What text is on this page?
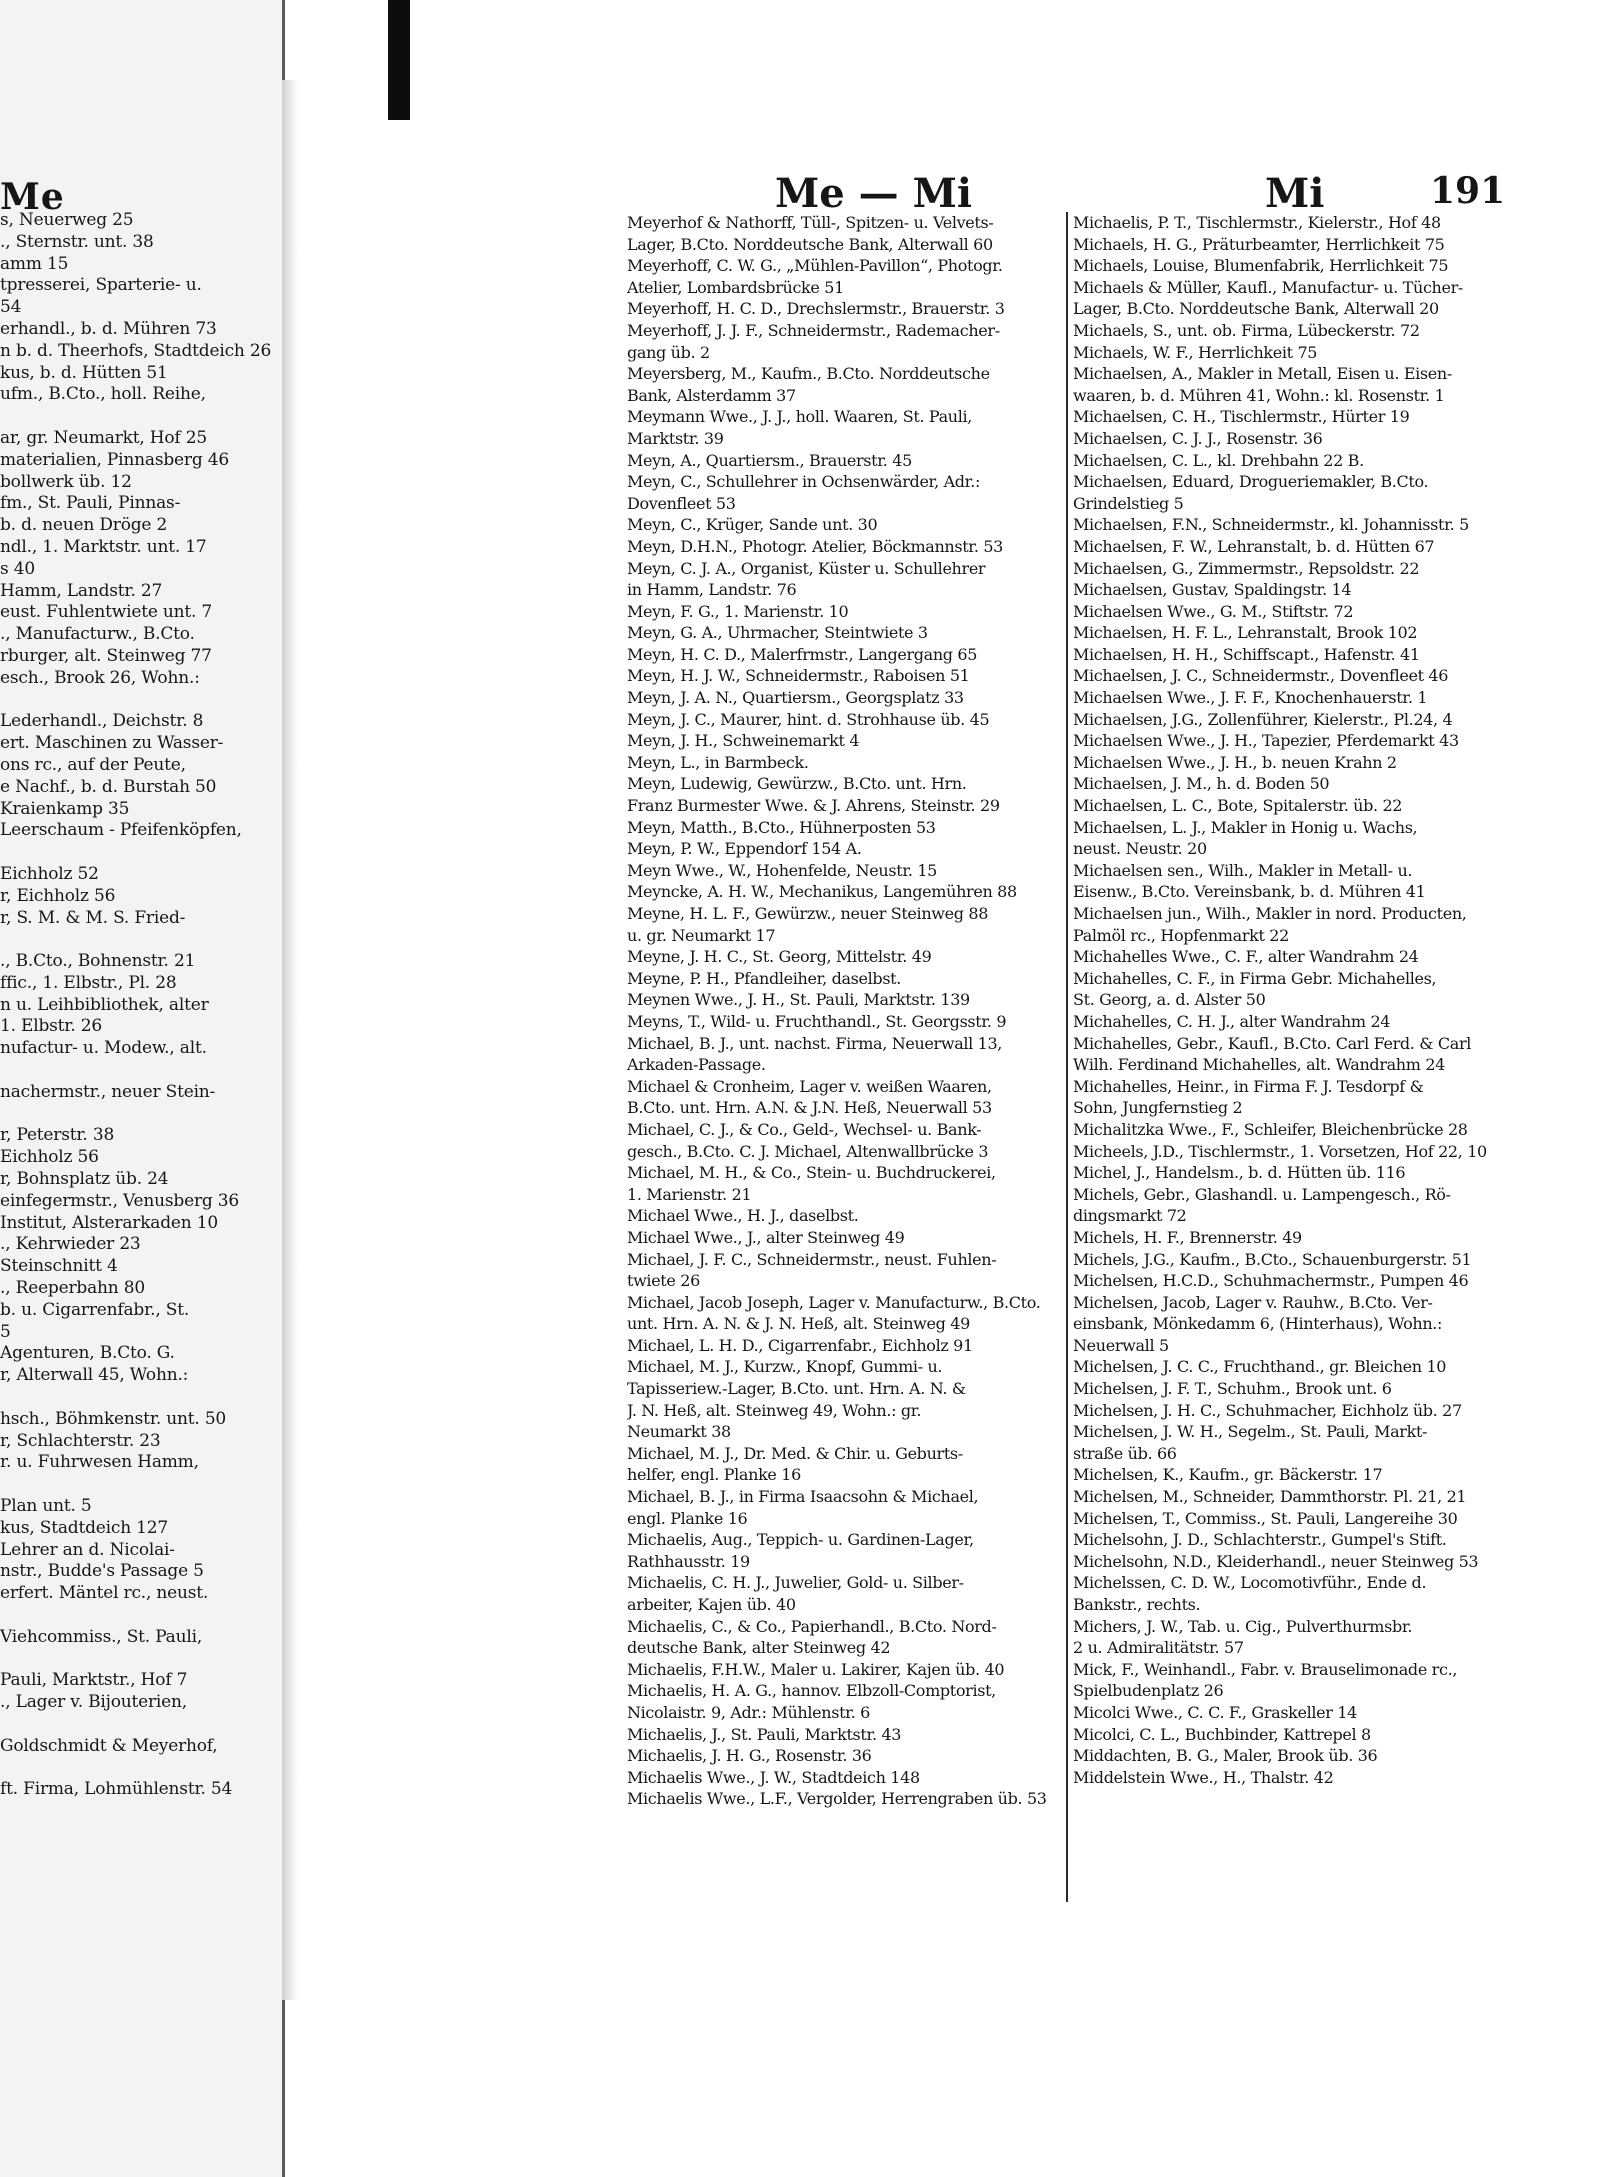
Me
s, Neuerweg 25
., Sternstr. unt. 38
amm 15
tpresserei, Sparterie- u.
54
erhandl., b. d. Mühren 73
n b. d. Theerhofs, Stadtdeich 26
kus, b. d. Hütten 51
ufm., B.Cto., holl. Reihe,
ar, gr. Neumarkt, Hof 25
materialien, Pinnasberg 46
bollwerk üb. 12
fm., St. Pauli, Pinnas-
b. d. neuen Dröge 2
ndl., 1. Marktstr. unt. 17
s 40
Hamm, Landstr. 27
eust. Fuhlentwiete unt. 7
., Manufacturw., B.Cto.
rburger, alt. Steinweg 77
esch., Brook 26, Wohn.:
Lederhandl., Deichstr. 8
ert. Maschinen zu Wasser-
ons rc., auf der Peute,
e Nachf., b. d. Burstah 50
Kraienkamp 35
Leerschaum - Pfeifenköpfen,
Eichholz 52
r, Eichholz 56
r, S. M. & M. S. Fried-
., B.Cto., Bohnenstr. 21
ffic., 1. Elbstr., Pl. 28
n u. Leihbibliothek, alter
1. Elbstr. 26
nufactur- u. Modew., alt.
nachermstr., neuer Stein-
r, Peterstr. 38
Eichholz 56
r, Bohnsplatz üb. 24
einfegermstr., Venusberg 36
Institut, Alsterarkaden 10
., Kehrwieder 23
Steinschnitt 4
., Reeperbahn 80
b. u. Cigarrenfabr., St.
5
Agenturen, B.Cto. G.
r, Alterwall 45, Wohn.:
hsch., Böhmkenstr. unt. 50
r, Schlachterstr. 23
r. u. Fuhrwesen Hamm,
Plan unt. 5
kus, Stadtdeich 127
Lehrer an d. Nicolai-
nstr., Budde's Passage 5
erfert. Mäntel rc., neust.
Viehcommiss., St. Pauli,
Pauli, Marktstr., Hof 7
., Lager v. Bijouterien,
Goldschmidt & Meyerhof,
ft. Firma, Lohmühlenstr. 54
Me — Mi	Mi	191
Meyerhof & Nathorff, Tüll-, Spitzen- u. Velvets-
Lager, B.Cto. Norddeutsche Bank, Alterwall 60
Meyerhoff, C. W. G., „Mühlen-Pavillon“, Photogr.
Atelier, Lombardsbrücke 51
Meyerhoff, H. C. D., Drechslermstr., Brauerstr. 3
Meyerhoff, J. J. F., Schneidermstr., Rademacher-
gang üb. 2
Meyersberg, M., Kaufm., B.Cto. Norddeutsche
Bank, Alsterdamm 37
Meymann Wwe., J. J., holl. Waaren, St. Pauli,
Marktstr. 39
Meyn, A., Quartiersm., Brauerstr. 45
Meyn, C., Schullehrer in Ochsenwärder, Adr.:
Dovenfleet 53
Meyn, C., Krüger, Sande unt. 30
Meyn, D.H.N., Photogr. Atelier, Böckmannstr. 53
Meyn, C. J. A., Organist, Küster u. Schullehrer
in Hamm, Landstr. 76
Meyn, F. G., 1. Marienstr. 10
Meyn, G. A., Uhrmacher, Steintwiete 3
Meyn, H. C. D., Malerfrmstr., Langergang 65
Meyn, H. J. W., Schneidermstr., Raboisen 51
Meyn, J. A. N., Quartiersm., Georgsplatz 33
Meyn, J. C., Maurer, hint. d. Strohhause üb. 45
Meyn, J. H., Schweinemarkt 4
Meyn, L., in Barmbeck.
Meyn, Ludewig, Gewürzw., B.Cto. unt. Hrn.
Franz Burmester Wwe. & J. Ahrens, Steinstr. 29
Meyn, Matth., B.Cto., Hühnerposten 53
Meyn, P. W., Eppendorf 154 A.
Meyn Wwe., W., Hohenfelde, Neustr. 15
Meyncke, A. H. W., Mechanikus, Langemühren 88
Meyne, H. L. F., Gewürzw., neuer Steinweg 88
u. gr. Neumarkt 17
Meyne, J. H. C., St. Georg, Mittelstr. 49
Meyne, P. H., Pfandleiher, daselbst.
Meynen Wwe., J. H., St. Pauli, Marktstr. 139
Meyns, T., Wild- u. Fruchthandl., St. Georgsstr. 9
Michael, B. J., unt. nachst. Firma, Neuerwall 13,
Arkaden-Passage.
Michael & Cronheim, Lager v. weißen Waaren,
B.Cto. unt. Hrn. A.N. & J.N. Heß, Neuerwall 53
Michael, C. J., & Co., Geld-, Wechsel- u. Bank-
gesch., B.Cto. C. J. Michael, Altenwallbrücke 3
Michael, M. H., & Co., Stein- u. Buchdruckerei,
1. Marienstr. 21
Michael Wwe., H. J., daselbst.
Michael Wwe., J., alter Steinweg 49
Michael, J. F. C., Schneidermstr., neust. Fuhlen-
twiete 26
Michael, Jacob Joseph, Lager v. Manufacturw., B.Cto.
unt. Hrn. A. N. & J. N. Heß, alt. Steinweg 49
Michael, L. H. D., Cigarrenfabr., Eichholz 91
Michael, M. J., Kurzw., Knopf, Gummi- u.
Tapisseriew.-Lager, B.Cto. unt. Hrn. A. N. &
J. N. Heß, alt. Steinweg 49, Wohn.: gr.
Neumarkt 38
Michael, M. J., Dr. Med. & Chir. u. Geburts-
helfer, engl. Planke 16
Michael, B. J., in Firma Isaacsohn & Michael,
engl. Planke 16
Michaelis, Aug., Teppich- u. Gardinen-Lager,
Rathhausstr. 19
Michaelis, C. H. J., Juwelier, Gold- u. Silber-
arbeiter, Kajen üb. 40
Michaelis, C., & Co., Papierhandl., B.Cto. Nord-
deutsche Bank, alter Steinweg 42
Michaelis, F.H.W., Maler u. Lakirer, Kajen üb. 40
Michaelis, H. A. G., hannov. Elbzoll-Comptorist,
Nicolaistr. 9, Adr.: Mühlenstr. 6
Michaelis, J., St. Pauli, Marktstr. 43
Michaelis, J. H. G., Rosenstr. 36
Michaelis Wwe., J. W., Stadtdeich 148
Michaelis Wwe., L.F., Vergolder, Herrengraben üb. 53
Michaelis, P. T., Tischlermstr., Kielerstr., Hof 48
Michaels, H. G., Präturbeamter, Herrlichkeit 75
Michaels, Louise, Blumenfabrik, Herrlichkeit 75
Michaels & Müller, Kaufl., Manufactur- u. Tücher-
Lager, B.Cto. Norddeutsche Bank, Alterwall 20
Michaels, S., unt. ob. Firma, Lübeckerstr. 72
Michaels, W. F., Herrlichkeit 75
Michaelsen, A., Makler in Metall, Eisen u. Eisen-
waaren, b. d. Mühren 41, Wohn.: kl. Rosenstr. 1
Michaelsen, C. H., Tischlermstr., Hürter 19
Michaelsen, C. J. J., Rosenstr. 36
Michaelsen, C. L., kl. Drehbahn 22 B.
Michaelsen, Eduard, Drogueriemakler, B.Cto.
Grindelstieg 5
Michaelsen, F.N., Schneidermstr., kl. Johannisstr. 5
Michaelsen, F. W., Lehranstalt, b. d. Hütten 67
Michaelsen, G., Zimmermstr., Repsoldstr. 22
Michaelsen, Gustav, Spaldingstr. 14
Michaelsen Wwe., G. M., Stiftstr. 72
Michaelsen, H. F. L., Lehranstalt, Brook 102
Michaelsen, H. H., Schiffscapt., Hafenstr. 41
Michaelsen, J. C., Schneidermstr., Dovenfleet 46
Michaelsen Wwe., J. F. F., Knochenhauerstr. 1
Michaelsen, J.G., Zollenführer, Kielerstr., Pl.24, 4
Michaelsen Wwe., J. H., Tapezier, Pferdemarkt 43
Michaelsen Wwe., J. H., b. neuen Krahn 2
Michaelsen, J. M., h. d. Boden 50
Michaelsen, L. C., Bote, Spitalerstr. üb. 22
Michaelsen, L. J., Makler in Honig u. Wachs,
neust. Neustr. 20
Michaelsen sen., Wilh., Makler in Metall- u.
Eisenw., B.Cto. Vereinsbank, b. d. Mühren 41
Michaelsen jun., Wilh., Makler in nord. Producten,
Palmöl rc., Hopfenmarkt 22
Michahelles Wwe., C. F., alter Wandrahm 24
Michahelles, C. F., in Firma Gebr. Michahelles,
St. Georg, a. d. Alster 50
Michahelles, C. H. J., alter Wandrahm 24
Michahelles, Gebr., Kaufl., B.Cto. Carl Ferd. & Carl
Wilh. Ferdinand Michahelles, alt. Wandrahm 24
Michahelles, Heinr., in Firma F. J. Tesdorpf &
Sohn, Jungfernstieg 2
Michalitzka Wwe., F., Schleifer, Bleichenbrücke 28
Micheels, J.D., Tischlermstr., 1. Vorsetzen, Hof 22, 10
Michel, J., Handelsm., b. d. Hütten üb. 116
Michels, Gebr., Glashandl. u. Lampengesch., Rö-
dingsmarkt 72
Michels, H. F., Brennerstr. 49
Michels, J.G., Kaufm., B.Cto., Schauenburgerstr. 51
Michelsen, H.C.D., Schuhmachermstr., Pumpen 46
Michelsen, Jacob, Lager v. Rauhw., B.Cto. Ver-
einsbank, Mönkedamm 6, (Hinterhaus), Wohn.:
Neuerwall 5
Michelsen, J. C. C., Fruchthand., gr. Bleichen 10
Michelsen, J. F. T., Schuhm., Brook unt. 6
Michelsen, J. H. C., Schuhmacher, Eichholz üb. 27
Michelsen, J. W. H., Segelm., St. Pauli, Markt-
straße üb. 66
Michelsen, K., Kaufm., gr. Bäckerstr. 17
Michelsen, M., Schneider, Dammthorstr. Pl. 21, 21
Michelsen, T., Commiss., St. Pauli, Langereihe 30
Michelsohn, J. D., Schlachterstr., Gumpel's Stift.
Michelsohn, N.D., Kleiderhandl., neuer Steinweg 53
Michelssen, C. D. W., Locomotivführ., Ende d.
Bankstr., rechts.
Michers, J. W., Tab. u. Cig., Pulverthurmsbr.
2 u. Admiralitätstr. 57
Mick, F., Weinhandl., Fabr. v. Brauselimonade rc.,
Spielbudenplatz 26
Micolci Wwe., C. C. F., Graskeller 14
Micolci, C. L., Buchbinder, Kattrepel 8
Middachten, B. G., Maler, Brook üb. 36
Middelstein Wwe., H., Thalstr. 42
